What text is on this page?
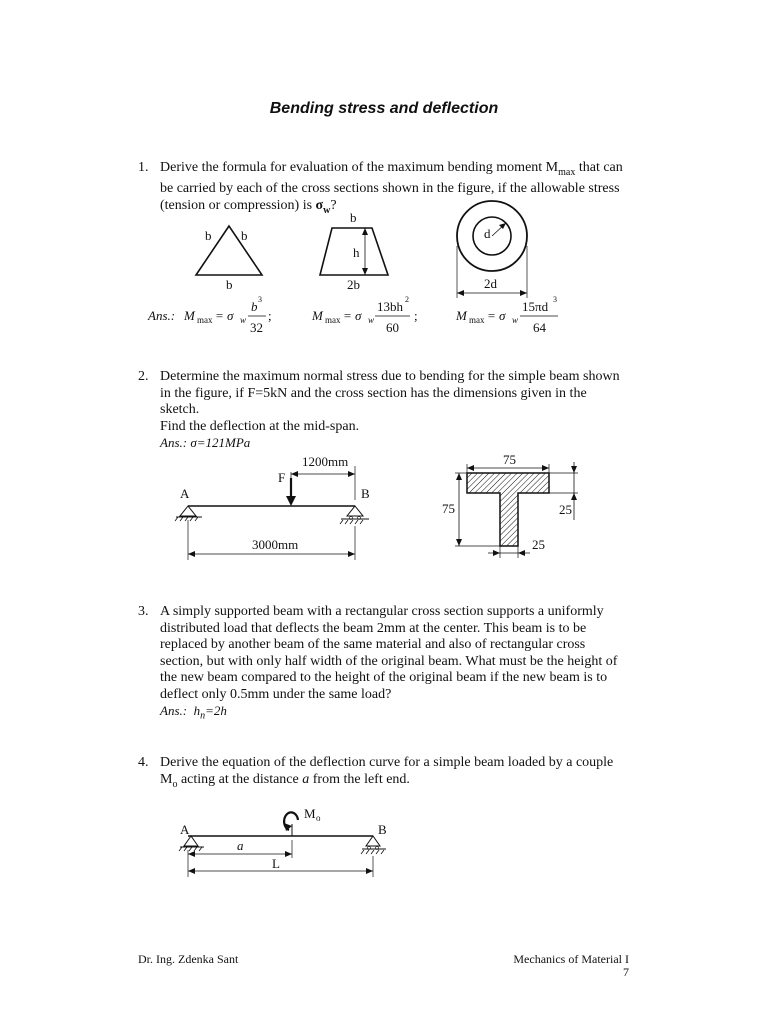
Bending stress and deflection
1. Derive the formula for evaluation of the maximum bending moment $M_{max}$ that can
be carried by each of the cross sections shown in the figure, if the allowable stress
(tension or compression) is $\sigma_w$?
b b
b
b
h
2b
d
2d
Ans.: M max = σ w
b 3
32
;	M max = σ w
13bh 2
60
;	M max = σ w
15πd 3
64
2. Determine the maximum normal stress due to bending for the simple beam shown
in the figure, if F=5kN and the cross section has the dimensions given in the
sketch.
Find the deflection at the mid-span.
Ans.: σ=121MPa
A	B
F
1200mm
3000mm
75
75	25
25
3. A simply supported beam with a rectangular cross section supports a uniformly
distributed load that deflects the beam 2mm at the center. This beam is to be
replaced by another beam of the same material and also of rectangular cross
section, but with only half width of the original beam. What must be the height of
the new beam compared to the height of the original beam if the new beam is to
deflect only 0.5mm under the same load?
Ans.: $h_n=2h$
4. Derive the equation of the deflection curve for a simple beam loaded by a couple
$M_o$ acting at the distance a from the left end.
A	B
M o
a
L
Dr. Ing. Zdenka Sant	Mechanics of Material I
7
